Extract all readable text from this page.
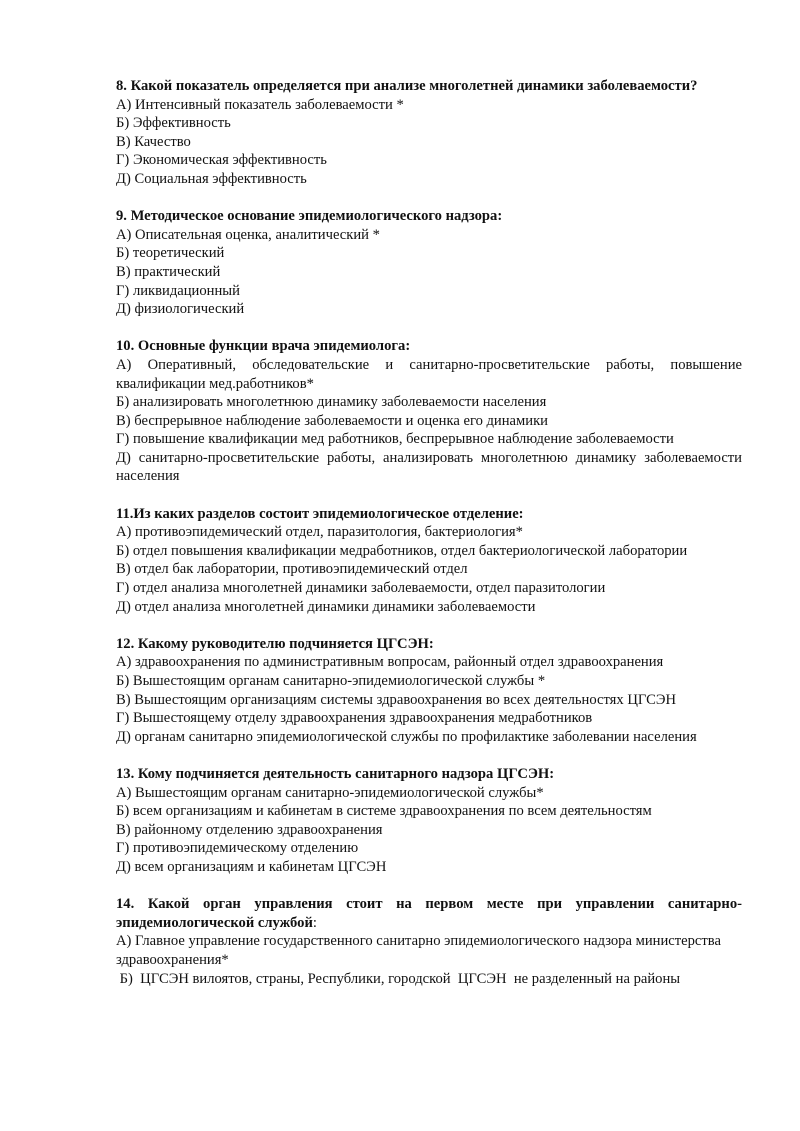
8. Какой показатель определяется при анализе многолетней динамики заболеваемости?
А) Интенсивный показатель заболеваемости *
Б) Эффективность
В) Качество
Г) Экономическая эффективность
Д) Социальная эффективность
9. Методическое основание эпидемиологического надзора:
А) Описательная оценка, аналитический *
Б) теоретический
В) практический
Г) ликвидационный
Д) физиологический
10. Основные функции врача эпидемиолога:
А) Оперативный, обследовательские и санитарно-просветительские работы, повышение квалификации мед.работников*
Б) анализировать многолетнюю динамику заболеваемости населения
В) беспрерывное наблюдение заболеваемости и оценка его динамики
Г) повышение квалификации мед работников, беспрерывное наблюдение заболеваемости
Д) санитарно-просветительские работы, анализировать многолетнюю динамику заболеваемости населения
11.Из каких разделов состоит эпидемиологическое отделение:
А) противоэпидемический отдел, паразитология, бактериология*
Б) отдел повышения квалификации медработников, отдел бактериологической лаборатории
В) отдел бак лаборатории, противоэпидемический отдел
Г) отдел анализа многолетней динамики заболеваемости, отдел паразитологии
Д) отдел анализа многолетней динамики динамики заболеваемости
12. Какому руководителю подчиняется ЦГСЭН:
А) здравоохранения по административным вопросам, районный отдел здравоохранения
Б) Вышестоящим органам санитарно-эпидемиологической службы *
В) Вышестоящим организациям системы здравоохранения во всех деятельностях ЦГСЭН
Г) Вышестоящему отделу здравоохранения здравоохранения медработников
Д) органам санитарно эпидемиологической службы по профилактике заболевании населения
13. Кому подчиняется деятельность санитарного надзора ЦГСЭН:
А) Вышестоящим органам санитарно-эпидемиологической службы*
Б) всем организациям и кабинетам в системе здравоохранения по всем деятельностям
В) районному отделению здравоохранения
Г) противоэпидемическому отделению
Д) всем организациям и кабинетам ЦГСЭН
14. Какой орган управления стоит на первом месте при управлении санитарно-эпидемиологической службой:
А) Главное управление государственного санитарно эпидемиологического надзора министерства здравоохранения*
Б)  ЦГСЭН вилоятов, страны, Республики, городской  ЦГСЭН  не разделенный на районы
